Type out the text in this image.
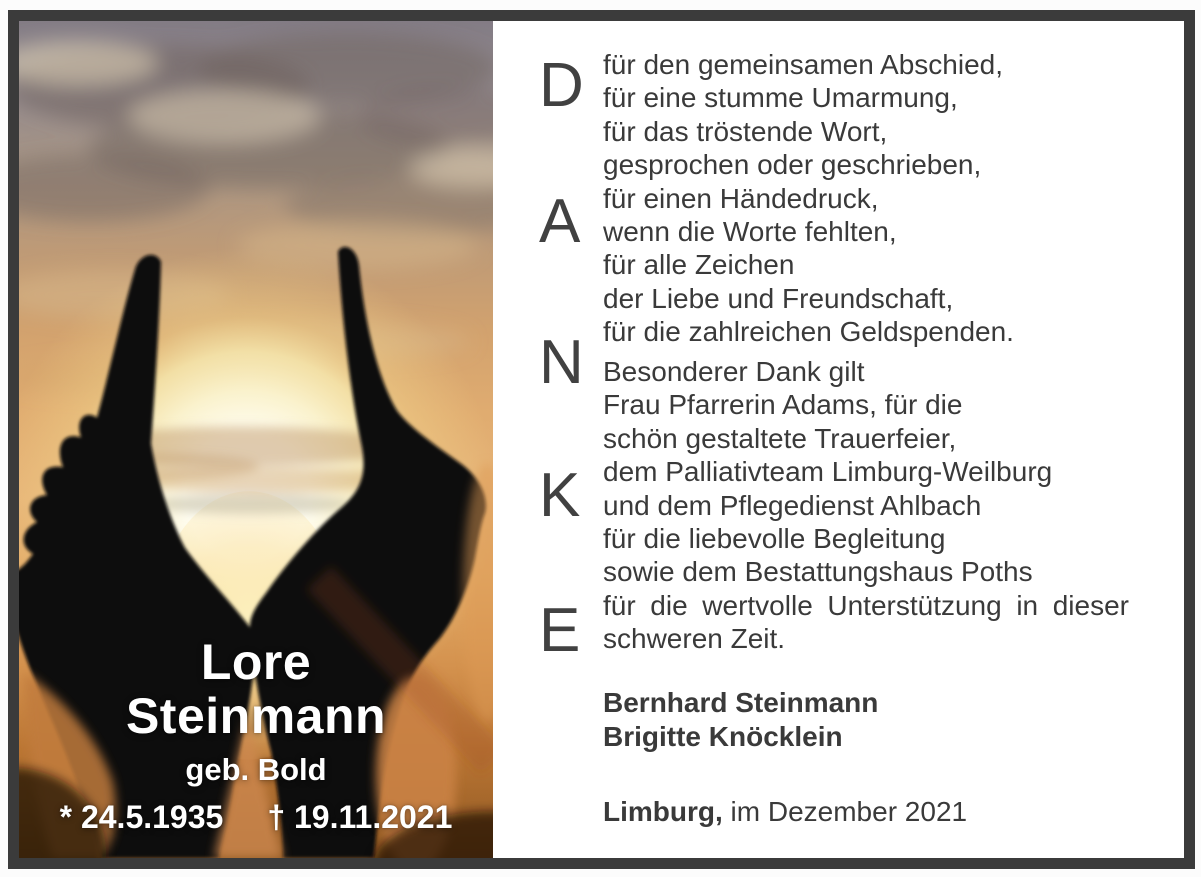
Lore
Steinmann
geb. Bold
* 24.5.1935 † 19.11.2021
D
A
N
K
E
für den gemeinsamen Abschied,
für eine stumme Umarmung,
für das tröstende Wort,
gesprochen oder geschrieben,
für einen Händedruck,
wenn die Worte fehlten,
für alle Zeichen
der Liebe und Freundschaft,
für die zahlreichen Geldspenden.
Besonderer Dank gilt
Frau Pfarrerin Adams, für die
schön gestaltete Trauerfeier,
dem Palliativteam Limburg-Weilburg
und dem Pflegedienst Ahlbach
für die liebevolle Begleitung
sowie dem Bestattungshaus Poths
für die wertvolle Unterstützung in dieser
schweren Zeit.
Bernhard Steinmann
Brigitte Knöcklein
Limburg, im Dezember 2021
